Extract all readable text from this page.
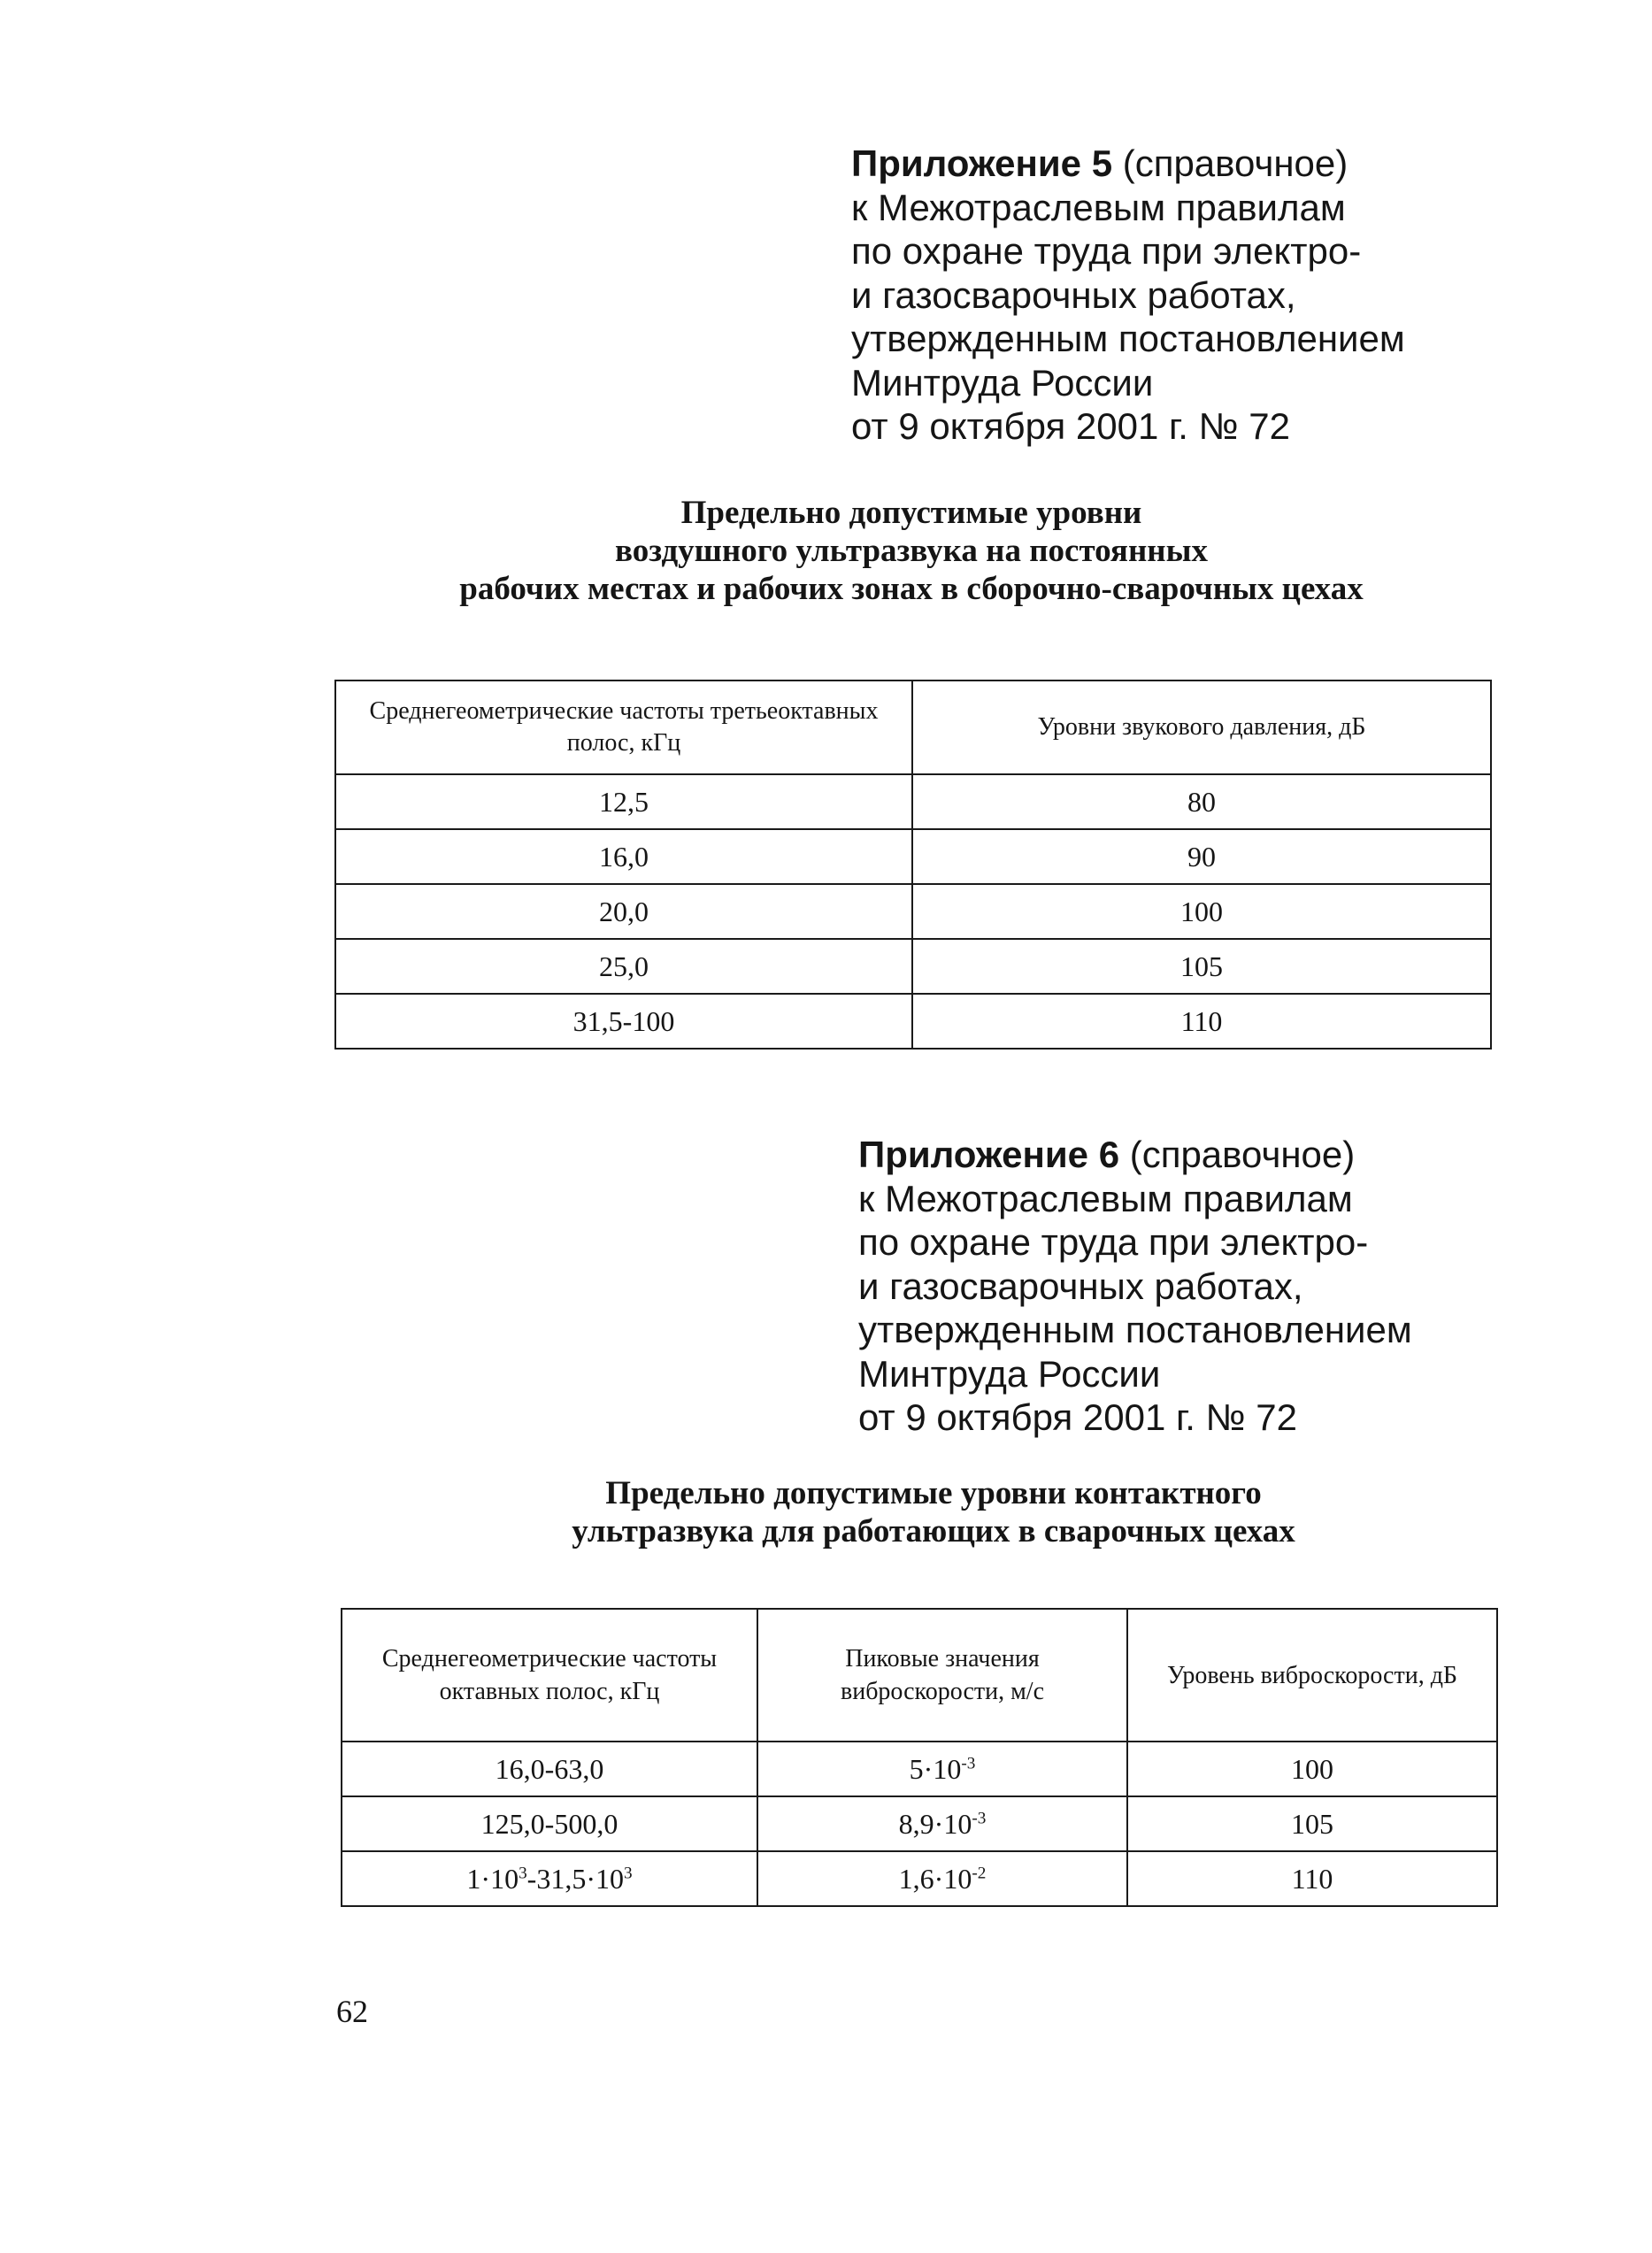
Приложение 5 (справочное)
к Межотраслевым правилам
по охране труда при электро-
и газосварочных работах,
утвержденным постановлением
Минтруда России
от 9 октября 2001 г. № 72
Предельно допустимые уровни
воздушного ультразвука на постоянных
рабочих местах и рабочих зонах в сборочно-сварочных цехах
Среднегеометрические частоты третьеоктавных полос, кГц	Уровни звукового давления, дБ
12,5	80
16,0	90
20,0	100
25,0	105
31,5-100	110
Приложение 6 (справочное)
к Межотраслевым правилам
по охране труда при электро-
и газосварочных работах,
утвержденным постановлением
Минтруда России
от 9 октября 2001 г. № 72
Предельно допустимые уровни контактного
ультразвука для работающих в сварочных цехах
Среднегеометрические частоты октавных полос, кГц	Пиковые значения виброскорости, м/с	Уровень виброскорости, дБ
16,0-63,0	$5\cdot 10^{-3}$	100
125,0-500,0	$8,9\cdot 10^{-3}$	105
$1\cdot 10^3-31,5\cdot 10^3$	$1,6\cdot 10^{-2}$	110
62
